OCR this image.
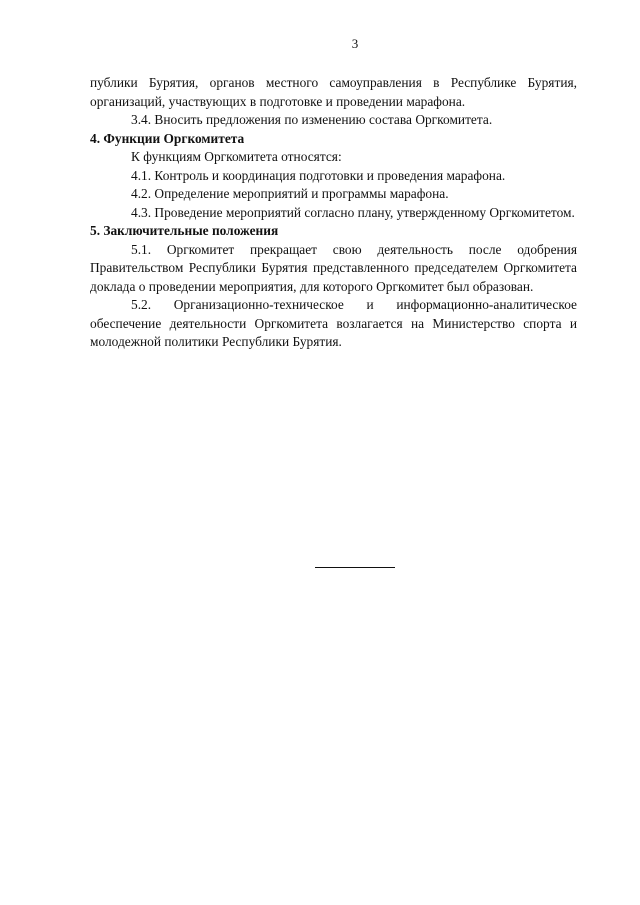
3

публики Бурятия, органов местного самоуправления в Республике Бурятия, организаций, участвующих в подготовке и проведении марафона.

3.4. Вносить предложения по изменению состава Оргкомитета.

4. Функции Оргкомитета

К функциям Оргкомитета относятся:

4.1. Контроль и координация подготовки и проведения марафона.

4.2. Определение мероприятий и программы марафона.

4.3. Проведение мероприятий согласно плану, утвержденному Оргкомитетом.

5. Заключительные положения

5.1. Оргкомитет прекращает свою деятельность после одобрения Правительством Республики Бурятия представленного председателем Оргкомитета доклада о проведении мероприятия, для которого Оргкомитет был образован.

5.2. Организационно-техническое и информационно-аналитическое обеспечение деятельности Оргкомитета возлагается на Министерство спорта и молодежной политики Республики Бурятия.
